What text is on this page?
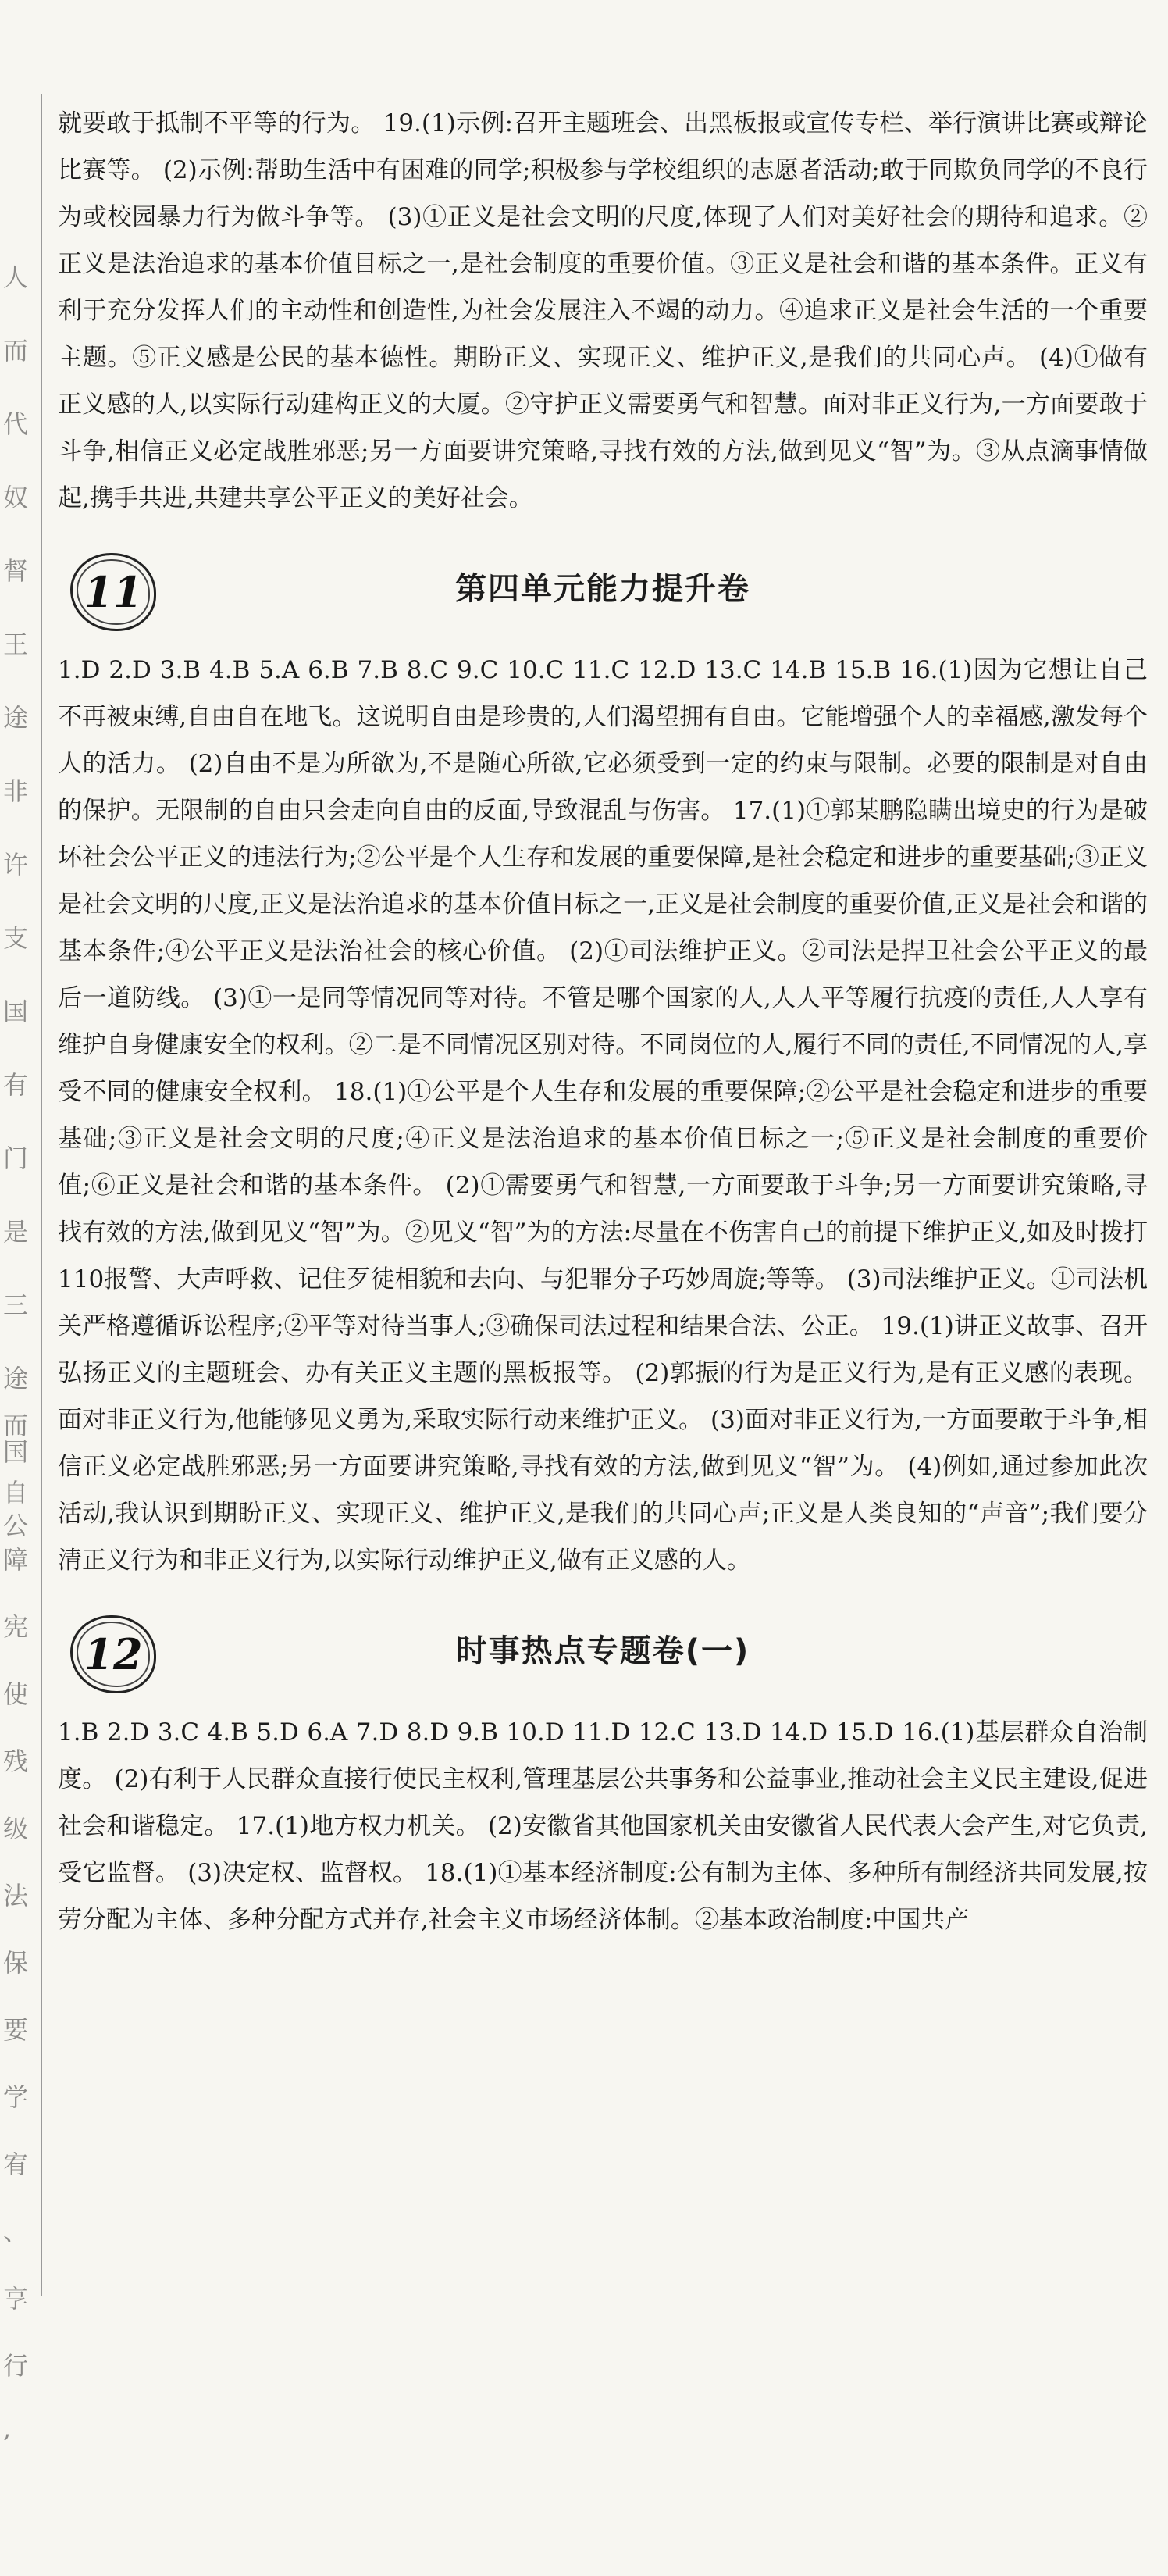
人
而
代
奴
督
王
途
非
许
支
国
有
门
是
三
途
国
公
而
自
障
宪
使
残
级
法
保
要
学
宥
、
享
行
,

就要敢于抵制不平等的行为。 19.(1)示例:召开主题班会、出黑板报或宣传专栏、举行演讲比赛或辩论比赛等。 (2)示例:帮助生活中有困难的同学;积极参与学校组织的志愿者活动;敢于同欺负同学的不良行为或校园暴力行为做斗争等。 (3)①正义是社会文明的尺度,体现了人们对美好社会的期待和追求。②正义是法治追求的基本价值目标之一,是社会制度的重要价值。③正义是社会和谐的基本条件。正义有利于充分发挥人们的主动性和创造性,为社会发展注入不竭的动力。④追求正义是社会生活的一个重要主题。⑤正义感是公民的基本德性。期盼正义、实现正义、维护正义,是我们的共同心声。 (4)①做有正义感的人,以实际行动建构正义的大厦。②守护正义需要勇气和智慧。面对非正义行为,一方面要敢于斗争,相信正义必定战胜邪恶;另一方面要讲究策略,寻找有效的方法,做到见义“智”为。③从点滴事情做起,携手共进,共建共享公平正义的美好社会。

11	第四单元能力提升卷

1.D 2.D 3.B 4.B 5.A 6.B 7.B 8.C 9.C 10.C 11.C 12.D 13.C 14.B 15.B 16.(1)因为它想让自己不再被束缚,自由自在地飞。这说明自由是珍贵的,人们渴望拥有自由。它能增强个人的幸福感,激发每个人的活力。 (2)自由不是为所欲为,不是随心所欲,它必须受到一定的约束与限制。必要的限制是对自由的保护。无限制的自由只会走向自由的反面,导致混乱与伤害。 17.(1)①郭某鹏隐瞒出境史的行为是破坏社会公平正义的违法行为;②公平是个人生存和发展的重要保障,是社会稳定和进步的重要基础;③正义是社会文明的尺度,正义是法治追求的基本价值目标之一,正义是社会制度的重要价值,正义是社会和谐的基本条件;④公平正义是法治社会的核心价值。 (2)①司法维护正义。②司法是捍卫社会公平正义的最后一道防线。 (3)①一是同等情况同等对待。不管是哪个国家的人,人人平等履行抗疫的责任,人人享有维护自身健康安全的权利。②二是不同情况区别对待。不同岗位的人,履行不同的责任,不同情况的人,享受不同的健康安全权利。 18.(1)①公平是个人生存和发展的重要保障;②公平是社会稳定和进步的重要基础;③正义是社会文明的尺度;④正义是法治追求的基本价值目标之一;⑤正义是社会制度的重要价值;⑥正义是社会和谐的基本条件。 (2)①需要勇气和智慧,一方面要敢于斗争;另一方面要讲究策略,寻找有效的方法,做到见义“智”为。②见义“智”为的方法:尽量在不伤害自己的前提下维护正义,如及时拨打110报警、大声呼救、记住歹徒相貌和去向、与犯罪分子巧妙周旋;等等。 (3)司法维护正义。①司法机关严格遵循诉讼程序;②平等对待当事人;③确保司法过程和结果合法、公正。 19.(1)讲正义故事、召开弘扬正义的主题班会、办有关正义主题的黑板报等。 (2)郭振的行为是正义行为,是有正义感的表现。面对非正义行为,他能够见义勇为,采取实际行动来维护正义。 (3)面对非正义行为,一方面要敢于斗争,相信正义必定战胜邪恶;另一方面要讲究策略,寻找有效的方法,做到见义“智”为。 (4)例如,通过参加此次活动,我认识到期盼正义、实现正义、维护正义,是我们的共同心声;正义是人类良知的“声音”;我们要分清正义行为和非正义行为,以实际行动维护正义,做有正义感的人。

12	时事热点专题卷(一)

1.B 2.D 3.C 4.B 5.D 6.A 7.D 8.D 9.B 10.D 11.D 12.C 13.D 14.D 15.D 16.(1)基层群众自治制度。 (2)有利于人民群众直接行使民主权利,管理基层公共事务和公益事业,推动社会主义民主建设,促进社会和谐稳定。 17.(1)地方权力机关。 (2)安徽省其他国家机关由安徽省人民代表大会产生,对它负责,受它监督。 (3)决定权、监督权。 18.(1)①基本经济制度:公有制为主体、多种所有制经济共同发展,按劳分配为主体、多种分配方式并存,社会主义市场经济体制。②基本政治制度:中国共产
